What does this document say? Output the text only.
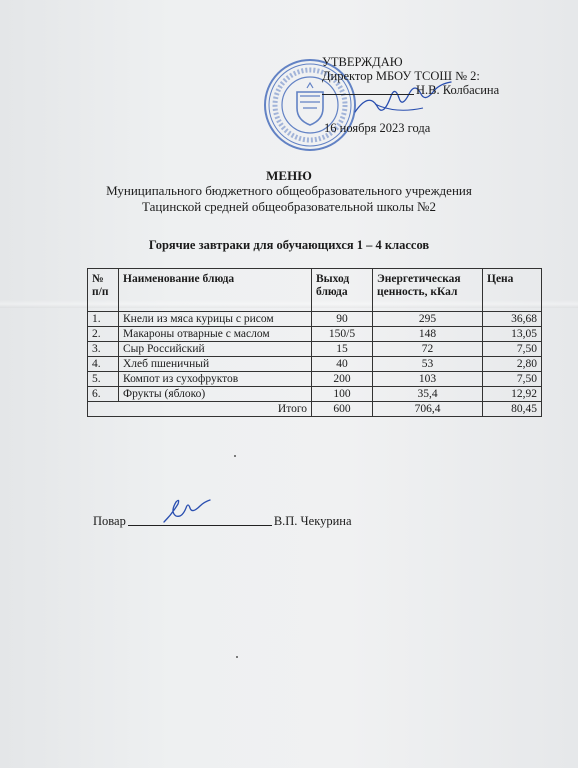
УТВЕРЖДАЮ
Директор МБОУ ТСОШ № 2:
Н.В. Колбасина
16 ноября 2023 года
МЕНЮ
Муниципального бюджетного общеобразовательного учреждения
Тацинской средней общеобразовательной школы №2
Горячие завтраки для обучающихся 1 – 4 классов
№ п/п	Наименование блюда	Выход блюда	Энергетическая ценность, кКал	Цена
1.	Кнели из мяса курицы с рисом	90	295	36,68
2.	Макароны отварные с маслом	150/5	148	13,05
3.	Сыр Российский	15	72	7,50
4.	Хлеб пшеничный	40	53	2,80
5.	Компот из сухофруктов	200	103	7,50
6.	Фрукты (яблоко)	100	35,4	12,92
Итого		600	706,4	80,45
Повар	В.П. Чекурина
